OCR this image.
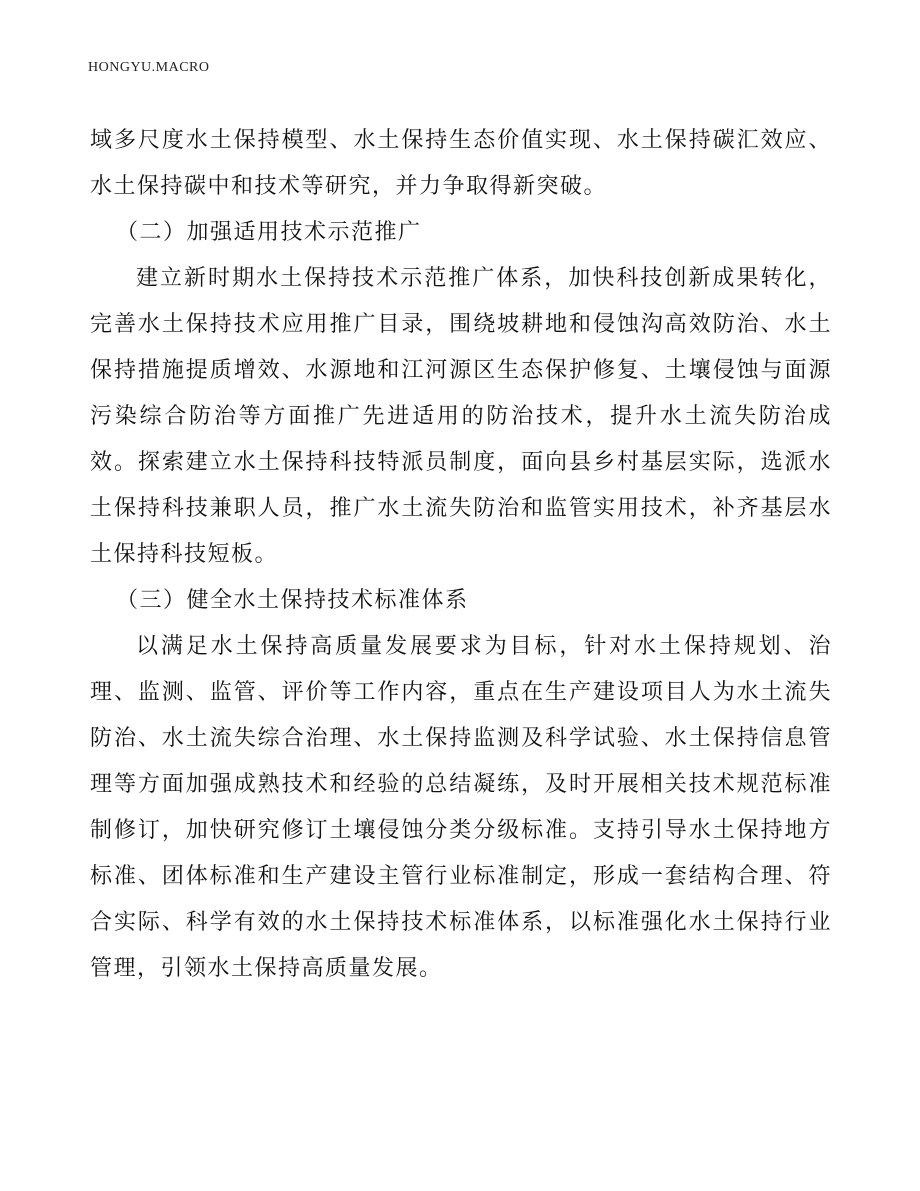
HONGYU.MACRO

域多尺度水土保持模型、水土保持生态价值实现、水土保持碳汇效应、水土保持碳中和技术等研究，并力争取得新突破。

（二）加强适用技术示范推广

建立新时期水土保持技术示范推广体系，加快科技创新成果转化，完善水土保持技术应用推广目录，围绕坡耕地和侵蚀沟高效防治、水土保持措施提质增效、水源地和江河源区生态保护修复、土壤侵蚀与面源污染综合防治等方面推广先进适用的防治技术，提升水土流失防治成效。探索建立水土保持科技特派员制度，面向县乡村基层实际，选派水土保持科技兼职人员，推广水土流失防治和监管实用技术，补齐基层水土保持科技短板。

（三）健全水土保持技术标准体系

以满足水土保持高质量发展要求为目标，针对水土保持规划、治理、监测、监管、评价等工作内容，重点在生产建设项目人为水土流失防治、水土流失综合治理、水土保持监测及科学试验、水土保持信息管理等方面加强成熟技术和经验的总结凝练，及时开展相关技术规范标准制修订，加快研究修订土壤侵蚀分类分级标准。支持引导水土保持地方标准、团体标准和生产建设主管行业标准制定，形成一套结构合理、符合实际、科学有效的水土保持技术标准体系，以标准强化水土保持行业管理，引领水土保持高质量发展。
